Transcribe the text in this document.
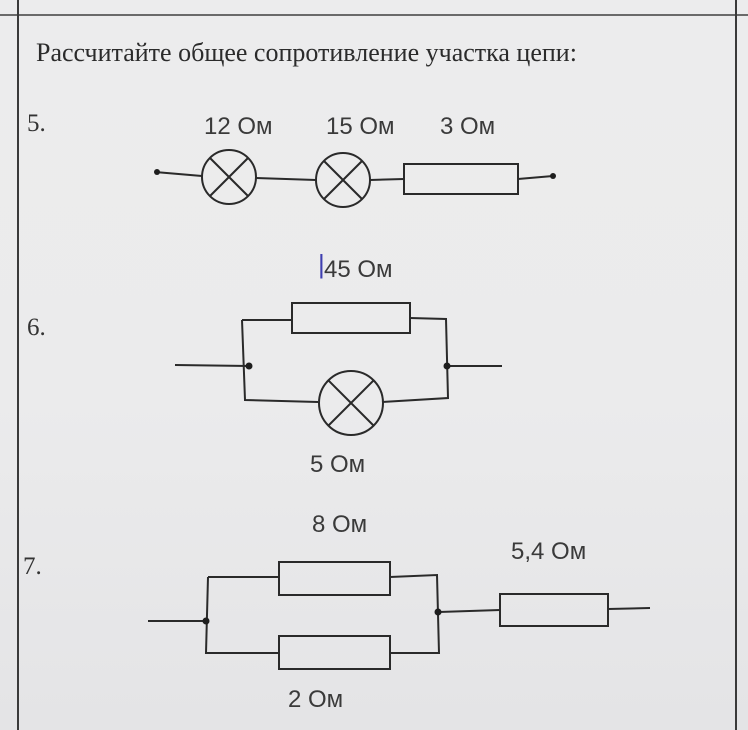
Рассчитайте общее сопротивление участка цепи:
5.	12 Ом 15 Ом 3 Ом
6.
45 Ом
5 Ом
|
7.
8 Ом
5,4 Ом
2 Ом
